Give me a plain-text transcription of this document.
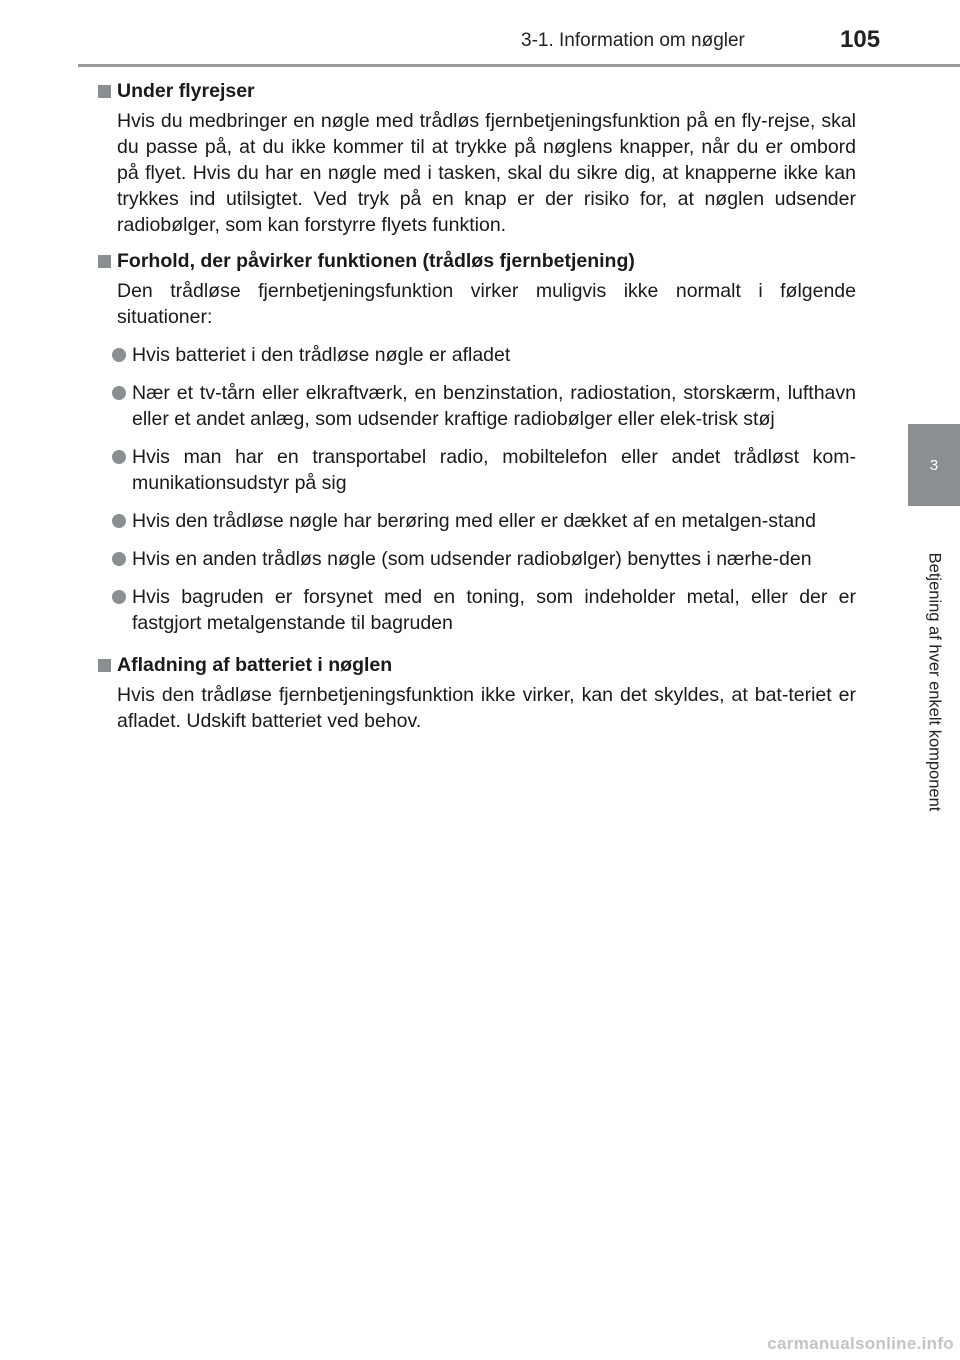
3-1. Information om nøgler	105
3
Betjening af hver enkelt komponent
Under flyrejser

Hvis du medbringer en nøgle med trådløs fjernbetjeningsfunktion på en fly-rejse, skal du passe på, at du ikke kommer til at trykke på nøglens knapper, når du er ombord på flyet. Hvis du har en nøgle med i tasken, skal du sikre dig, at knapperne ikke kan trykkes ind utilsigtet. Ved tryk på en knap er der risiko for, at nøglen udsender radiobølger, som kan forstyrre flyets funktion.

Forhold, der påvirker funktionen (trådløs fjernbetjening)

Den trådløse fjernbetjeningsfunktion virker muligvis ikke normalt i følgende situationer:

Hvis batteriet i den trådløse nøgle er afladet
Nær et tv-tårn eller elkraftværk, en benzinstation, radiostation, storskærm, lufthavn eller et andet anlæg, som udsender kraftige radiobølger eller elek-trisk støj
Hvis man har en transportabel radio, mobiltelefon eller andet trådløst kom-munikationsudstyr på sig
Hvis den trådløse nøgle har berøring med eller er dækket af en metalgen-stand
Hvis en anden trådløs nøgle (som udsender radiobølger) benyttes i nærhe-den
Hvis bagruden er forsynet med en toning, som indeholder metal, eller der er fastgjort metalgenstande til bagruden
Afladning af batteriet i nøglen

Hvis den trådløse fjernbetjeningsfunktion ikke virker, kan det skyldes, at bat-teriet er afladet. Udskift batteriet ved behov.

carmanualsonline.info
